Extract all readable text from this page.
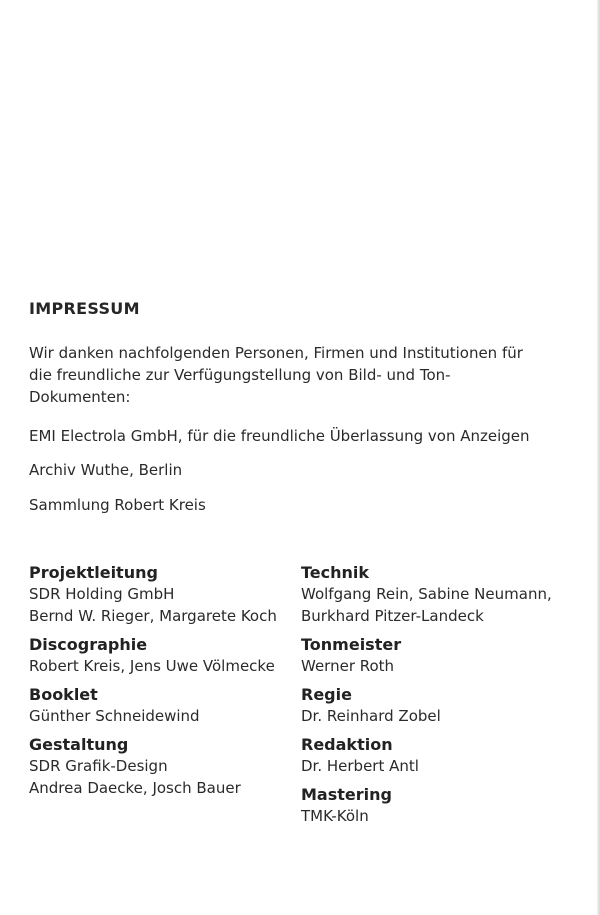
IMPRESSUM

Wir danken nachfolgenden Personen, Firmen und Institutionen für

die freundliche zur Verfügungstellung von Bild- und Ton-

Dokumenten:

EMI Electrola GmbH, für die freundliche Überlassung von Anzeigen

Archiv Wuthe, Berlin

Sammlung Robert Kreis

Projektleitung
SDR Holding GmbH
Bernd W. Rieger, Margarete Koch
Discographie
Robert Kreis, Jens Uwe Völmecke
Booklet
Günther Schneidewind
Gestaltung
SDR Grafik-Design
Andrea Daecke, Josch Bauer
Technik
Wolfgang Rein, Sabine Neumann,
Burkhard Pitzer-Landeck
Tonmeister
Werner Roth
Regie
Dr. Reinhard Zobel
Redaktion
Dr. Herbert Antl
Mastering
TMK-Köln
